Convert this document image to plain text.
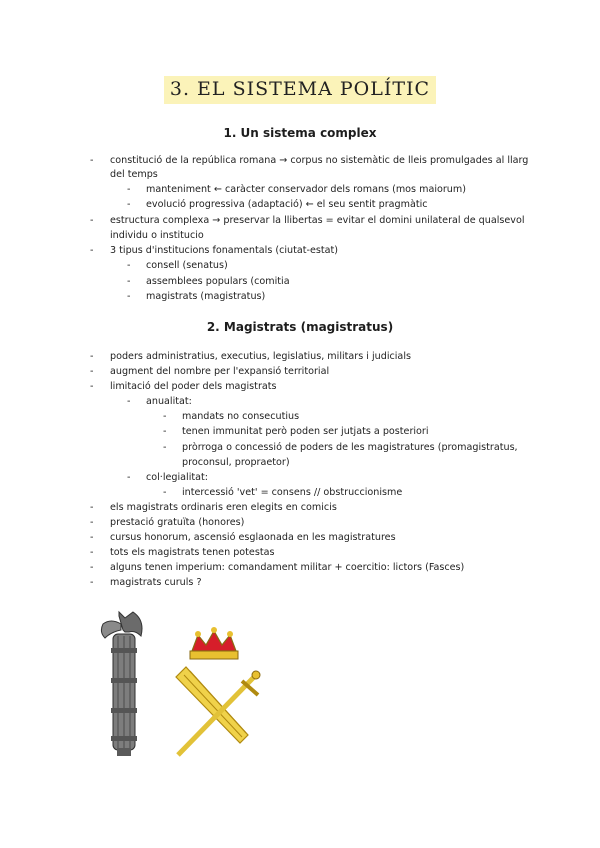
3. EL SISTEMA POLÍTIC
1. Un sistema complex
- constitució de la república romana → corpus no sistemàtic de lleis promulgades al llarg
del temps
- manteniment ← caràcter conservador dels romans (mos maiorum)
- evolució progressiva (adaptació) ← el seu sentit pragmàtic
- estructura complexa → preservar la llibertas = evitar el domini unilateral de qualsevol
individu o institucio
- 3 tipus d'institucions fonamentals (ciutat-estat)
- consell (senatus)
- assemblees populars (comitia
- magistrats (magistratus)
2. Magistrats (magistratus)
- poders administratius, executius, legislatius, militars i judicials
- augment del nombre per l'expansió territorial
- limitació del poder dels magistrats
- anualitat:
- mandats no consecutius
- tenen immunitat però poden ser jutjats a posteriori
- pròrroga o concessió de poders de les magistratures (promagistratus,
proconsul, propraetor)
- col·legialitat:
- intercessió 'vet' = consens // obstruccionisme
- els magistrats ordinaris eren elegits en comicis
- prestació gratuïta (honores)
- cursus honorum, ascensió esglaonada en les magistratures
- tots els magistrats tenen potestas
- alguns tenen imperium: comandament militar + coercitio: lictors (Fasces)
- magistrats curuls ?
